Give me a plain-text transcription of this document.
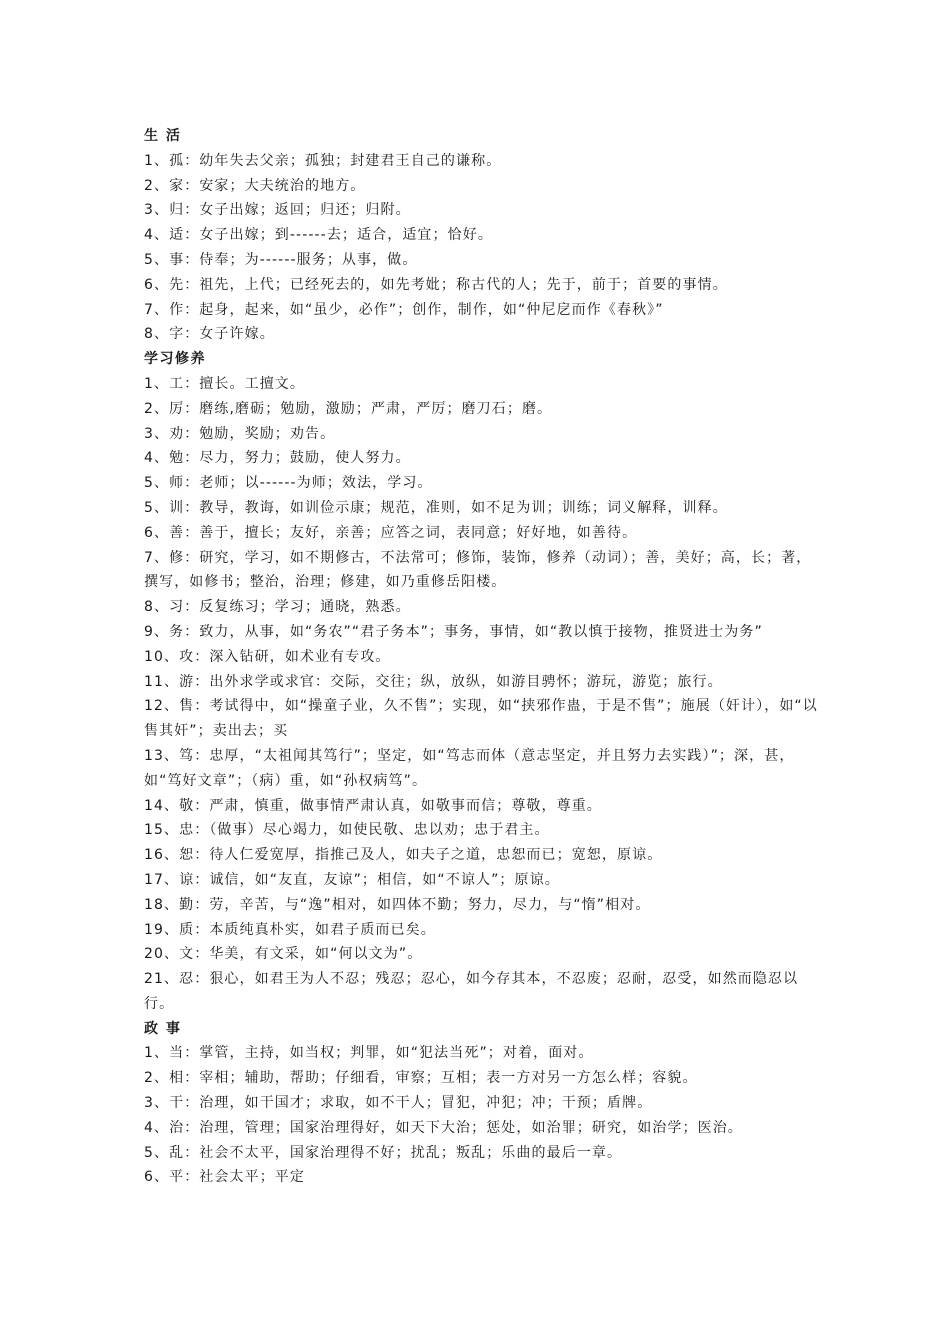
生 活
1、孤：幼年失去父亲；孤独；封建君王自己的谦称。
2、家：安家；大夫统治的地方。
3、归：女子出嫁；返回；归还；归附。
4、适：女子出嫁；到------去；适合，适宜；恰好。
5、事：侍奉；为------服务；从事，做。
6、先：祖先，上代；已经死去的，如先考妣；称古代的人；先于，前于；首要的事情。
7、作：起身，起来，如“虽少，必作”；创作，制作，如“仲尼戹而作《春秋》”
8、字：女子许嫁。
学习修养
1、工：擅长。工擅文。
2、厉：磨练,磨砺；勉励，激励；严肃，严厉；磨刀石；磨。
3、劝：勉励，奖励；劝告。
4、勉：尽力，努力；鼓励，使人努力。
5、师：老师；以------为师；效法，学习。
5、训：教导，教诲，如训俭示康；规范，准则，如不足为训；训练；词义解释，训释。
6、善：善于，擅长；友好，亲善；应答之词，表同意；好好地，如善待。
7、修：研究，学习，如不期修古，不法常可；修饰，装饰，修养（动词）；善，美好；高，长；著，撰写，如修书；整治，治理；修建，如乃重修岳阳楼。
8、习：反复练习；学习；通晓，熟悉。
9、务：致力，从事，如“务农”“君子务本”；事务，事情，如“教以慎于接物，推贤进士为务”
10、攻：深入钻研，如术业有专攻。
11、游：出外求学或求官：交际，交往；纵，放纵，如游目骋怀；游玩，游览；旅行。
12、售：考试得中，如“操童子业，久不售”；实现，如“挟邪作蛊，于是不售”；施展（奸计），如“以售其奸”；卖出去；买
13、笃：忠厚，“太祖闻其笃行”；坚定，如“笃志而体（意志坚定，并且努力去实践）”；深，甚，如“笃好文章”；（病）重，如“孙权病笃”。
14、敬：严肃，慎重，做事情严肃认真，如敬事而信；尊敬，尊重。
15、忠：（做事）尽心竭力，如使民敬、忠以劝；忠于君主。
16、恕：待人仁爱宽厚，指推己及人，如夫子之道，忠恕而已；宽恕，原谅。
17、谅：诚信，如“友直，友谅”；相信，如“不谅人”；原谅。
18、勤：劳，辛苦，与“逸”相对，如四体不勤；努力，尽力，与“惰”相对。
19、质：本质纯真朴实，如君子质而已矣。
20、文：华美，有文采，如“何以文为”。
21、忍：狠心，如君王为人不忍；残忍；忍心，如今存其本，不忍废；忍耐，忍受，如然而隐忍以行。
政 事
1、当：掌管，主持，如当权；判罪，如“犯法当死”；对着，面对。
2、相：宰相；辅助，帮助；仔细看，审察；互相；表一方对另一方怎么样；容貌。
3、干：治理，如干国才；求取，如不干人；冒犯，冲犯；冲；干预；盾牌。
4、治：治理，管理；国家治理得好，如天下大治；惩处，如治罪；研究，如治学；医治。
5、乱：社会不太平，国家治理得不好；扰乱；叛乱；乐曲的最后一章。
6、平：社会太平；平定
